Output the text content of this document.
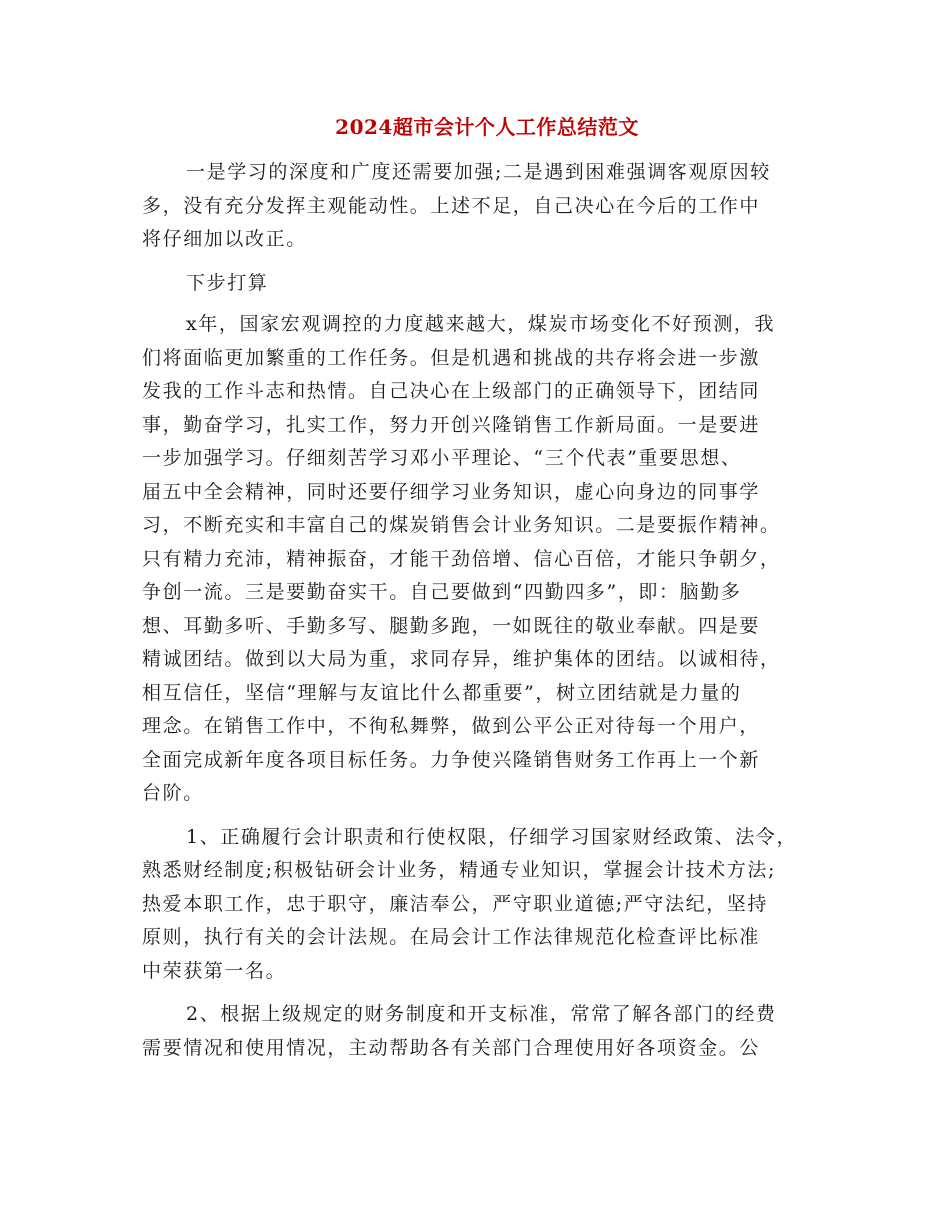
2024超市会计个人工作总结范文
一是学习的深度和广度还需要加强;二是遇到困难强调客观原因较
多，没有充分发挥主观能动性。上述不足，自己决心在今后的工作中
将仔细加以改正。
下步打算
x年，国家宏观调控的力度越来越大，煤炭市场变化不好预测，我
们将面临更加繁重的工作任务。但是机遇和挑战的共存将会进一步激
发我的工作斗志和热情。自己决心在上级部门的正确领导下，团结同
事，勤奋学习，扎实工作，努力开创兴隆销售工作新局面。一是要进
一步加强学习。仔细刻苦学习邓小平理论、“三个代表”重要思想、
届五中全会精神，同时还要仔细学习业务知识，虚心向身边的同事学
习，不断充实和丰富自己的煤炭销售会计业务知识。二是要振作精神。
只有精力充沛，精神振奋，才能干劲倍增、信心百倍，才能只争朝夕，
争创一流。三是要勤奋实干。自己要做到“四勤四多”，即：脑勤多
想、耳勤多听、手勤多写、腿勤多跑，一如既往的敬业奉献。四是要
精诚团结。做到以大局为重，求同存异，维护集体的团结。以诚相待，
相互信任，坚信“理解与友谊比什么都重要”，树立团结就是力量的
理念。在销售工作中，不徇私舞弊，做到公平公正对待每一个用户，
全面完成新年度各项目标任务。力争使兴隆销售财务工作再上一个新
台阶。
1、正确履行会计职责和行使权限，仔细学习国家财经政策、法令，
熟悉财经制度;积极钻研会计业务，精通专业知识，掌握会计技术方法;
热爱本职工作，忠于职守，廉洁奉公，严守职业道德;严守法纪，坚持
原则，执行有关的会计法规。在局会计工作法律规范化检查评比标准
中荣获第一名。
2、根据上级规定的财务制度和开支标准，常常了解各部门的经费
需要情况和使用情况，主动帮助各有关部门合理使用好各项资金。公
